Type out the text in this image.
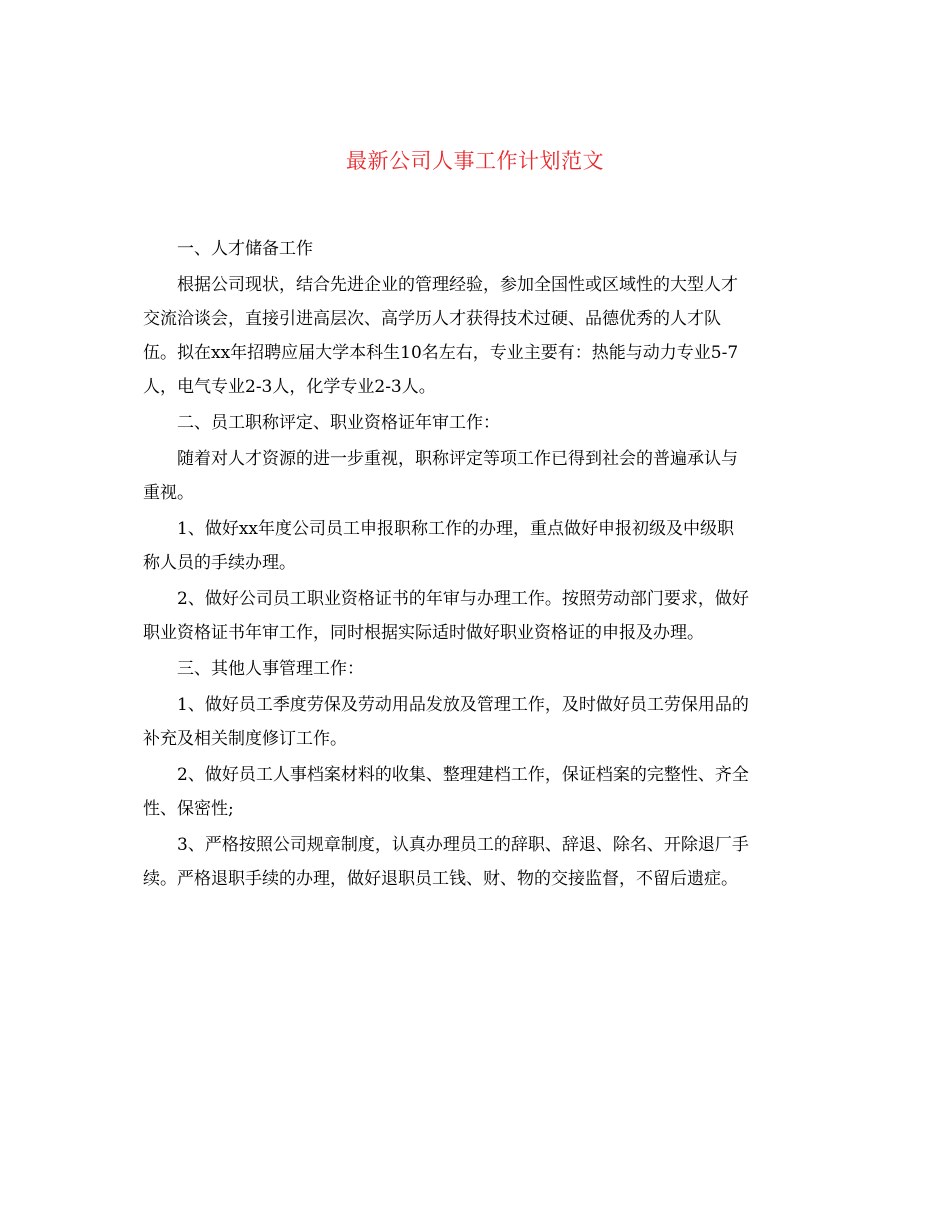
最新公司人事工作计划范文

一、人才储备工作

根据公司现状，结合先进企业的管理经验，参加全国性或区域性的大型人才
交流洽谈会，直接引进高层次、高学历人才获得技术过硬、品德优秀的人才队
伍。拟在xx年招聘应届大学本科生10名左右，专业主要有：热能与动力专业5-7
人，电气专业2-3人，化学专业2-3人。

二、员工职称评定、职业资格证年审工作：

随着对人才资源的进一步重视，职称评定等项工作已得到社会的普遍承认与
重视。

1、做好xx年度公司员工申报职称工作的办理，重点做好申报初级及中级职
称人员的手续办理。

2、做好公司员工职业资格证书的年审与办理工作。按照劳动部门要求，做好
职业资格证书年审工作，同时根据实际适时做好职业资格证的申报及办理。

三、其他人事管理工作：

1、做好员工季度劳保及劳动用品发放及管理工作，及时做好员工劳保用品的
补充及相关制度修订工作。

2、做好员工人事档案材料的收集、整理建档工作，保证档案的完整性、齐全
性、保密性;

3、严格按照公司规章制度，认真办理员工的辞职、辞退、除名、开除退厂手
续。严格退职手续的办理，做好退职员工钱、财、物的交接监督，不留后遗症。
